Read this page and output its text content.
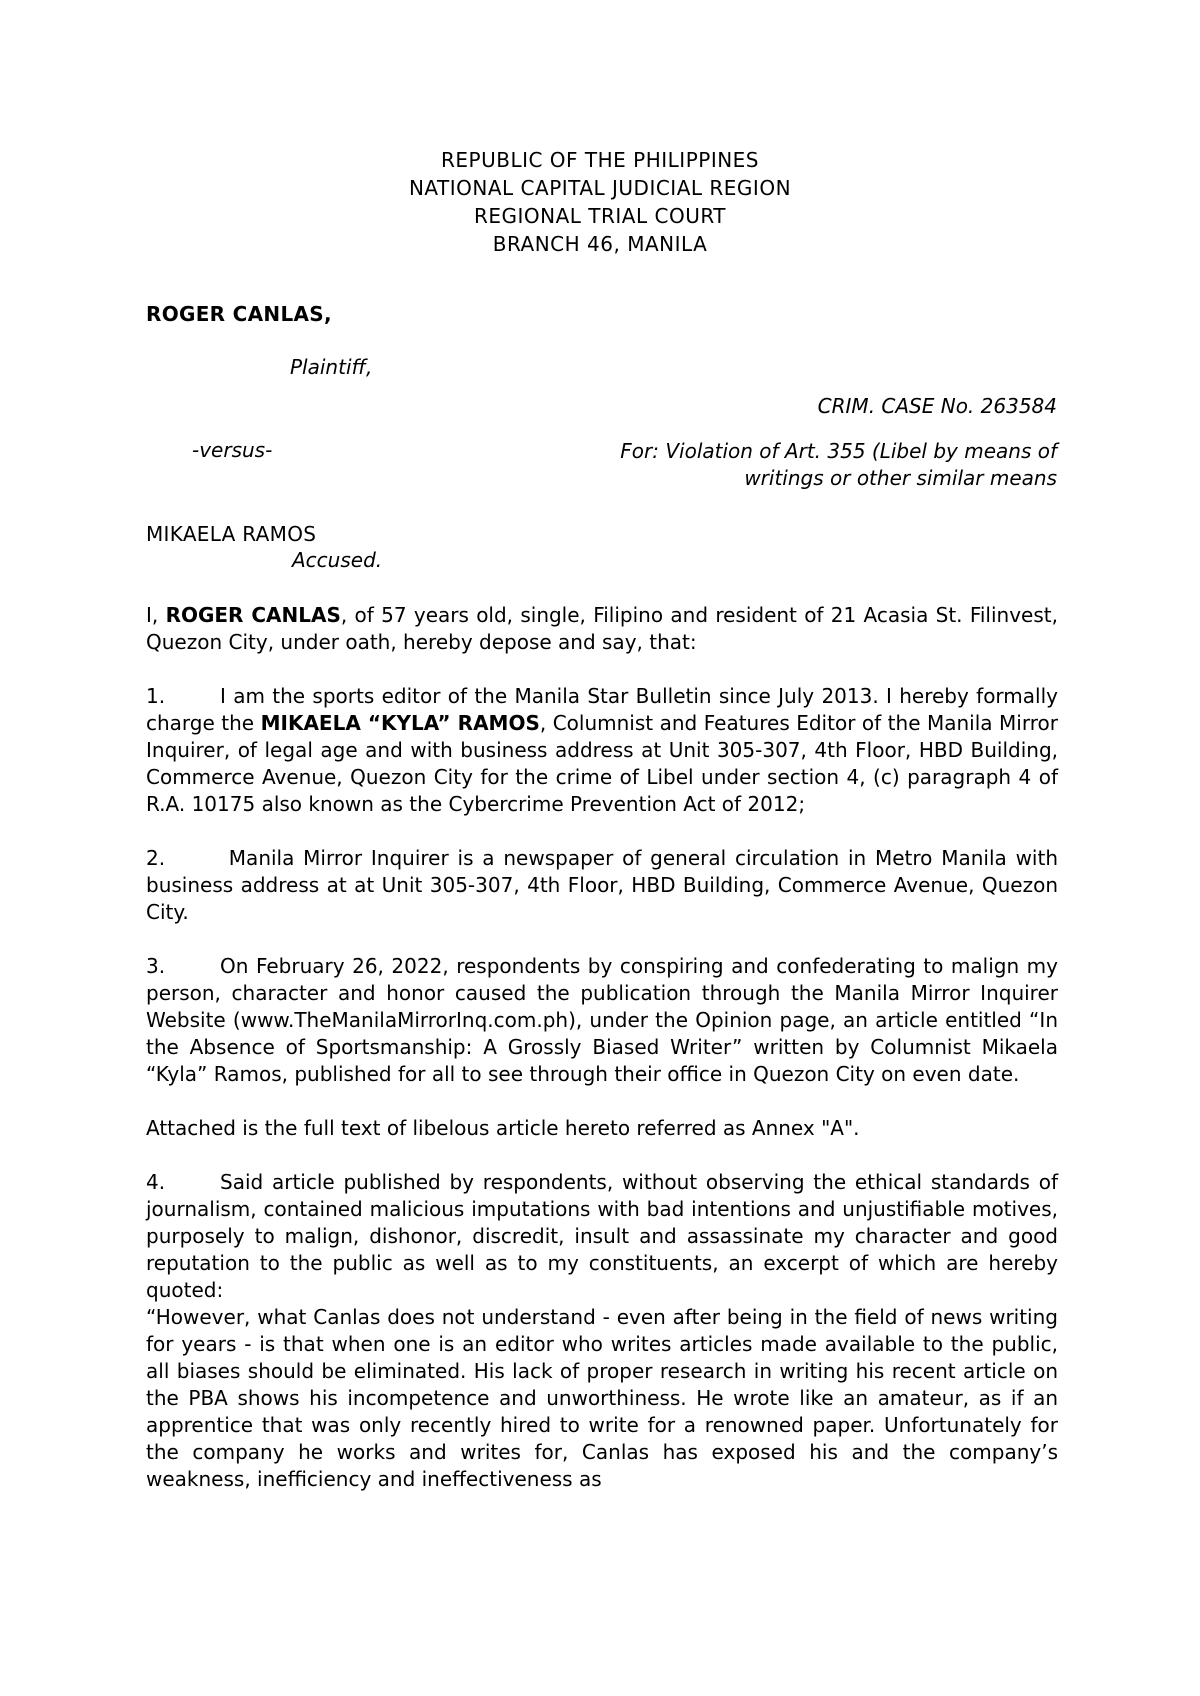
REPUBLIC OF THE PHILIPPINES
NATIONAL CAPITAL JUDICIAL REGION
REGIONAL TRIAL COURT
BRANCH 46, MANILA
ROGER CANLAS,
Plaintiff,
CRIM. CASE No. 263584
-versus-	For: Violation of Art. 355 (Libel by means of
writings or other similar means
MIKAELA RAMOS
Accused.

I, ROGER CANLAS, of 57 years old, single, Filipino and resident of 21 Acasia St. Filinvest, Quezon City, under oath, hereby depose and say, that:

1.	I am the sports editor of the Manila Star Bulletin since July 2013. I hereby formally charge the MIKAELA “KYLA” RAMOS, Columnist and Features Editor of the Manila Mirror Inquirer, of legal age and with business address at Unit 305-307, 4th Floor, HBD Building, Commerce Avenue, Quezon City for the crime of Libel under section 4, (c) paragraph 4 of R.A. 10175 also known as the Cybercrime Prevention Act of 2012;

2.	Manila Mirror Inquirer is a newspaper of general circulation in Metro Manila with business address at at Unit 305-307, 4th Floor, HBD Building, Commerce Avenue, Quezon City.

3.	On February 26, 2022, respondents by conspiring and confederating to malign my person, character and honor caused the publication through the Manila Mirror Inquirer Website (www.TheManilaMirrorInq.com.ph), under the Opinion page, an article entitled “In the Absence of Sportsmanship: A Grossly Biased Writer” written by Columnist Mikaela “Kyla” Ramos, published for all to see through their office in Quezon City on even date.

Attached is the full text of libelous article hereto referred as Annex "A".

4.	Said article published by respondents, without observing the ethical standards of journalism, contained malicious imputations with bad intentions and unjustifiable motives, purposely to malign, dishonor, discredit, insult and assassinate my character and good reputation to the public as well as to my constituents, an excerpt of which are hereby quoted:

“However, what Canlas does not understand - even after being in the field of news writing for years - is that when one is an editor who writes articles made available to the public, all biases should be eliminated. His lack of proper research in writing his recent article on the PBA shows his incompetence and unworthiness. He wrote like an amateur, as if an apprentice that was only recently hired to write for a renowned paper. Unfortunately for the company he works and writes for, Canlas has exposed his and the company’s weakness, inefficiency and ineffectiveness as
